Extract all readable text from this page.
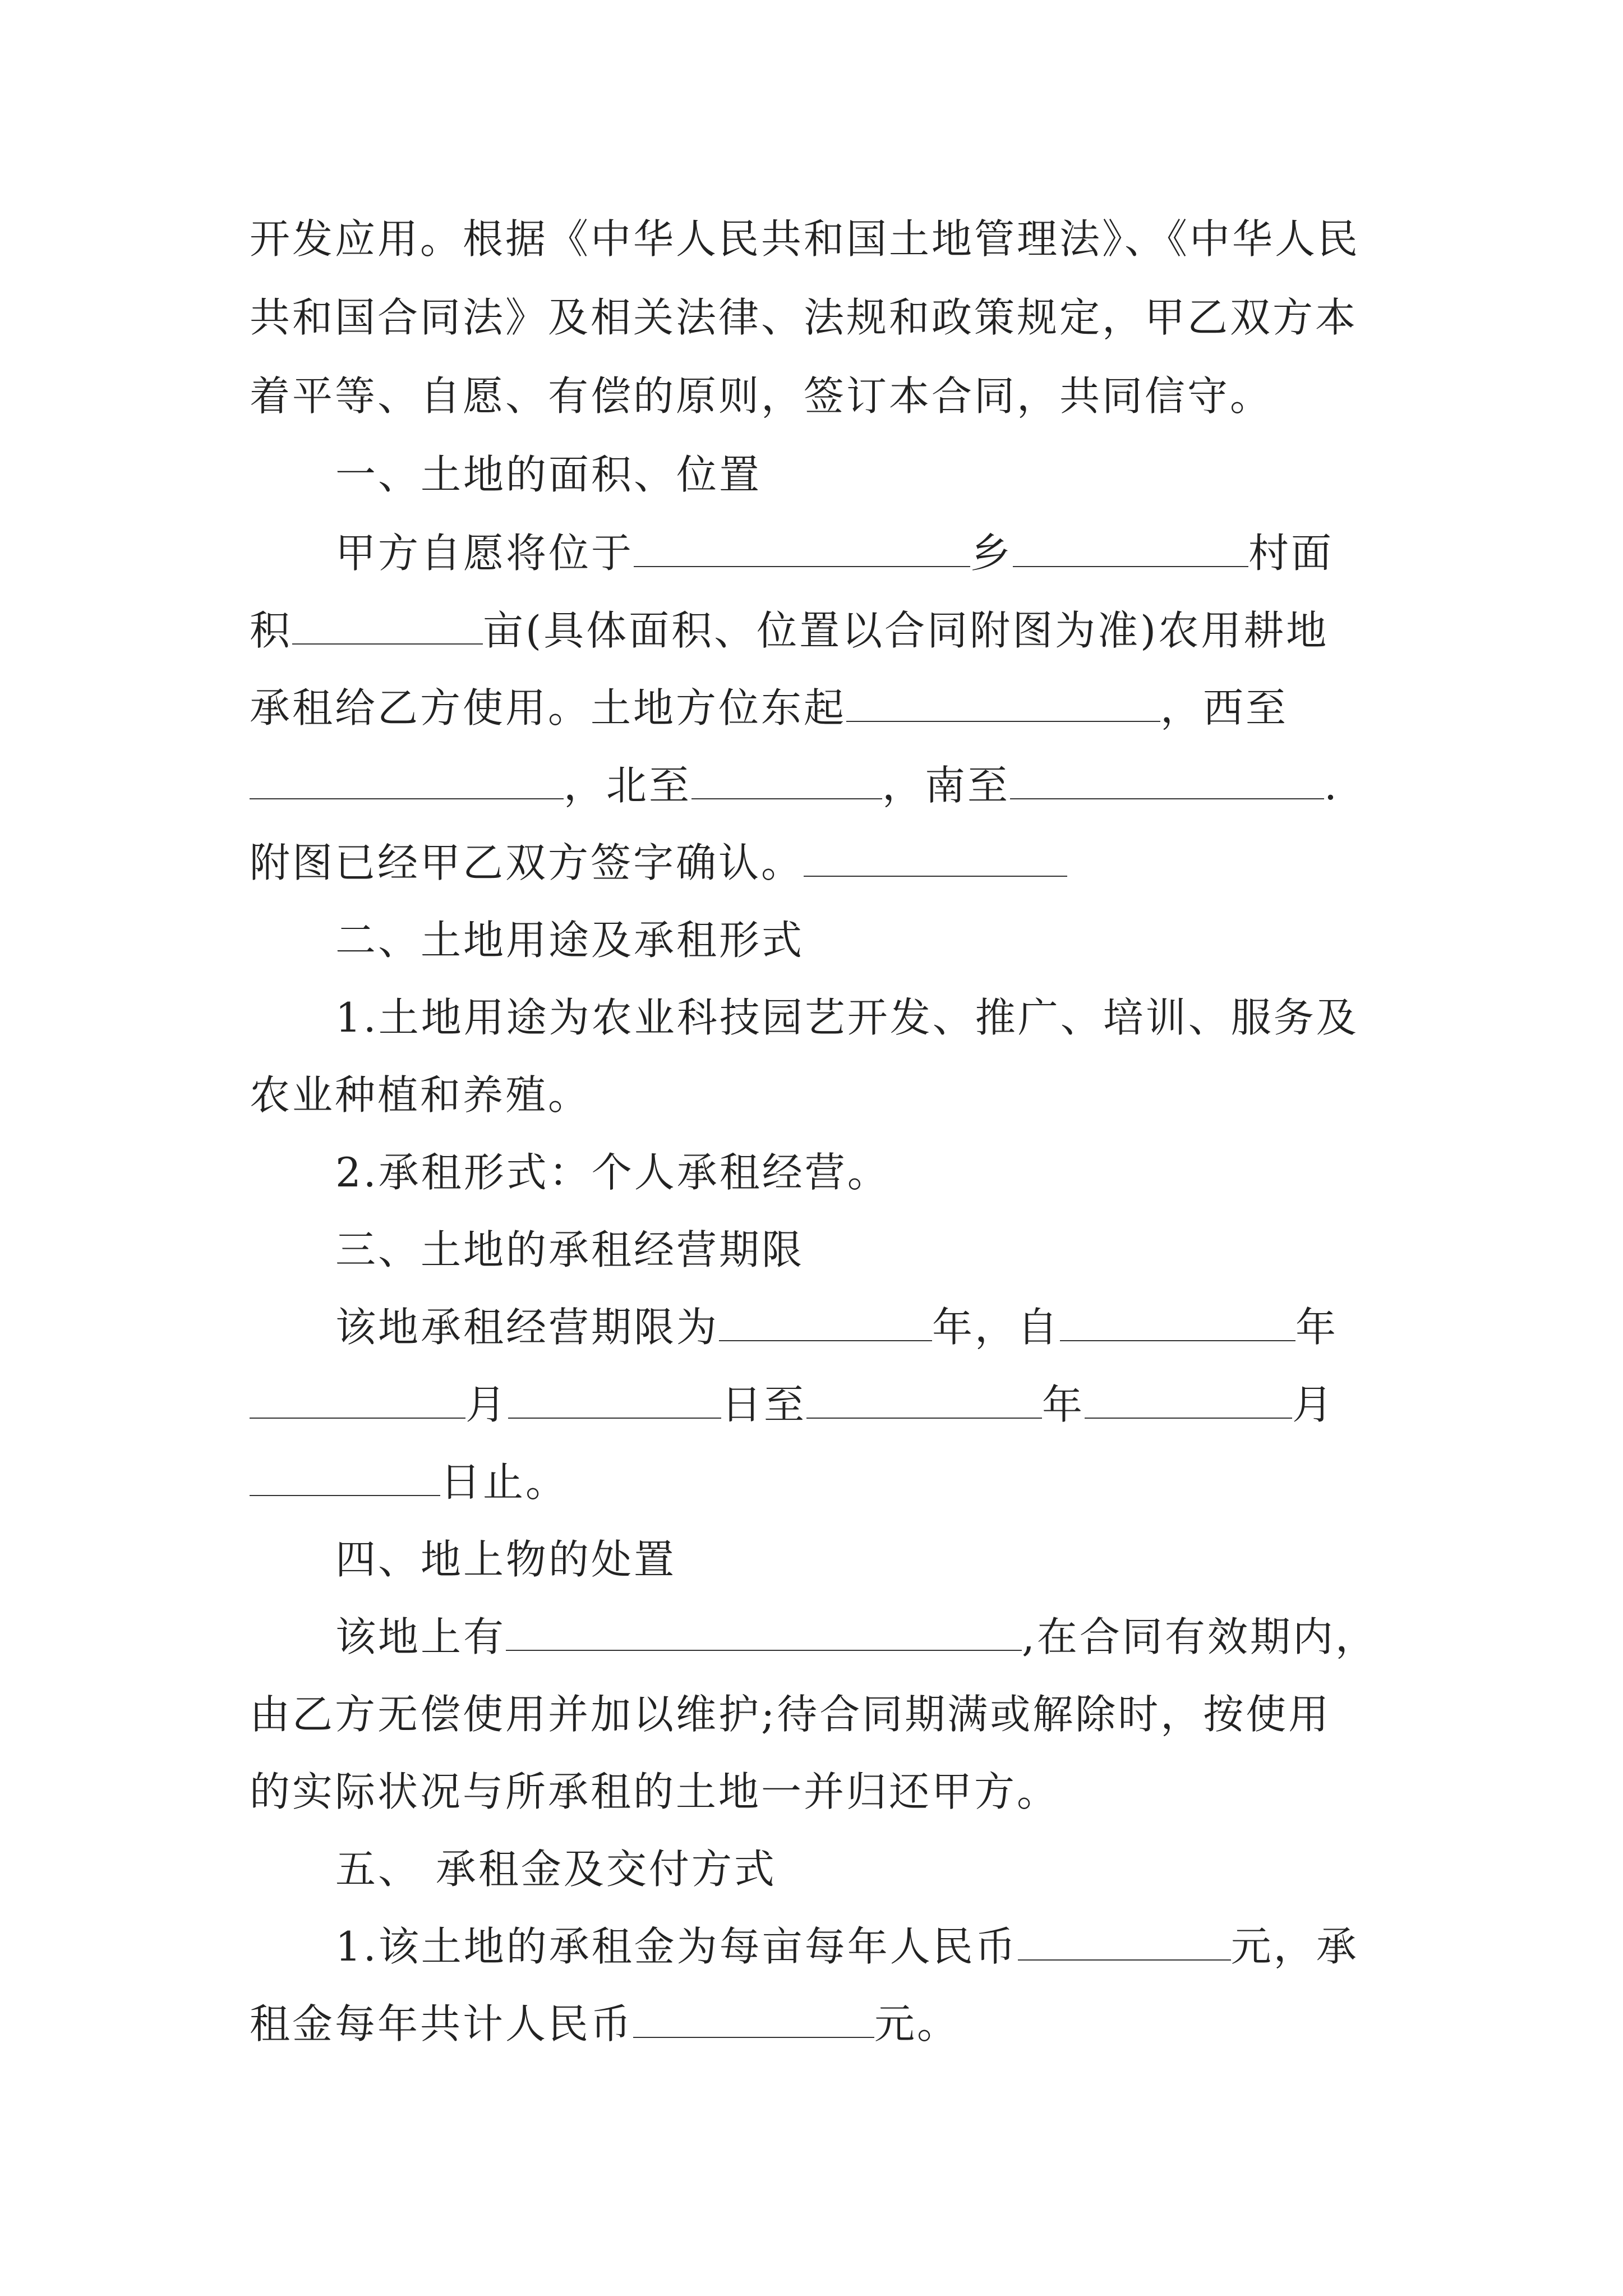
开发应用。根据《中华人民共和国土地管理法》、《中华人民
共和国合同法》及相关法律、法规和政策规定，甲乙双方本
着平等、自愿、有偿的原则，签订本合同，共同信守。
一、土地的面积、位置
甲方自愿将位于	乡	村面
积	亩(具体面积、位置以合同附图为准)农用耕地
承租给乙方使用。土地方位东起	，西至
，北至	，南至	.
附图已经甲乙双方签字确认。
二、土地用途及承租形式
1.土地用途为农业科技园艺开发、推广、培训、服务及
农业种植和养殖。
2.承租形式：个人承租经营。
三、土地的承租经营期限
该地承租经营期限为	年，自	年
月	日至	年	月
日止。
四、地上物的处置
该地上有	,在合同有效期内，
由乙方无偿使用并加以维护;待合同期满或解除时，按使用
的实际状况与所承租的土地一并归还甲方。
五、 承租金及交付方式
1.该土地的承租金为每亩每年人民币	元，承
租金每年共计人民币	元。
